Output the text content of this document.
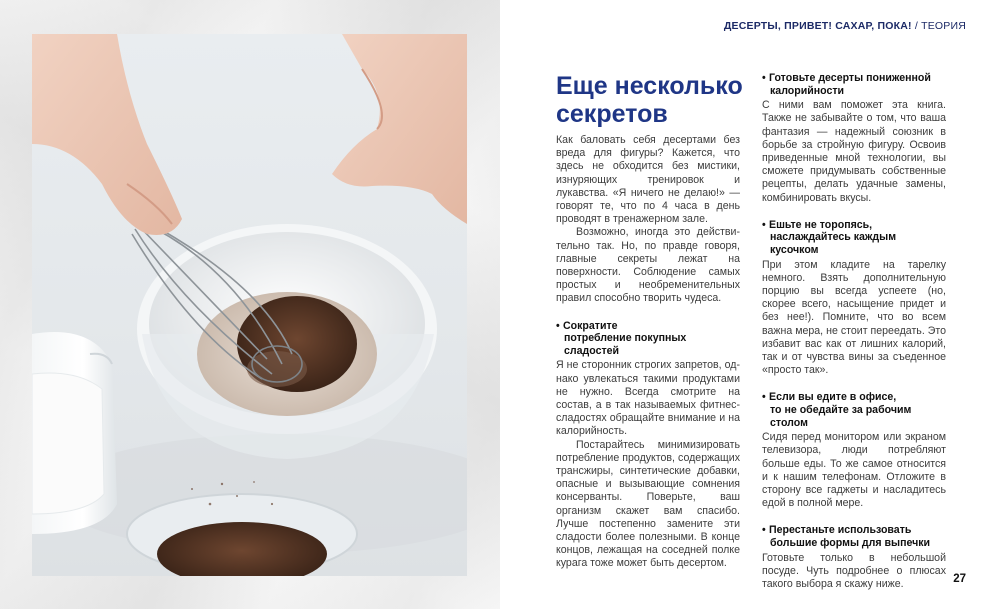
ДЕСЕРТЫ, ПРИВЕТ! САХАР, ПОКА! / ТЕОРИЯ
Еще несколько секретов

Как баловать себя десертами без вреда для фигуры? Кажется, что здесь не обходится без мистики, изнуряющих тренировок и лукавства. «Я ничего не делаю!» — говорят те, что по 4 часа в день проводят в тренажерном зале.

Возможно, иногда это действительно так. Но, по правде говоря, главные секреты лежат на поверхности. Соблюдение самых простых и необременительных правил способно творить чудеса.

• Сократите
потребление покупных сладостей

Я не сторонник строгих запретов, однако увлекаться такими продуктами не нужно. Всегда смотрите на состав, а в так называемых фитнес-сладостях обращайте внимание и на калорийность.

Постарайтесь минимизировать потребление продуктов, содержащих трансжиры, синтетические добавки, опасные и вызывающие сомнения консерванты. Поверьте, ваш организм скажет вам спасибо. Лучше постепенно замените эти сладости более полезными. В конце концов, лежащая на соседней полке курага тоже может быть десертом.

• Готовьте десерты пониженной
калорийности

С ними вам поможет эта книга. Также не забывайте о том, что ваша фантазия — надежный союзник в борьбе за стройную фигуру. Освоив приведенные мной технологии, вы сможете придумывать собственные рецепты, делать удачные замены, комбинировать вкусы.

• Ешьте не торопясь,
наслаждайтесь каждым кусочком

При этом кладите на тарелку немного. Взять дополнительную порцию вы всегда успеете (но, скорее всего, насыщение придет и без нее!). Помните, что во всем важна мера, не стоит переедать. Это избавит вас как от лишних калорий, так и от чувства вины за съеденное «просто так».

• Если вы едите в офисе,
то не обедайте за рабочим столом

Сидя перед монитором или экраном телевизора, люди потребляют больше еды. То же самое относится и к нашим телефонам. Отложите в сторону все гаджеты и насладитесь едой в полной мере.

• Перестаньте использовать
большие формы для выпечки

Готовьте только в небольшой посуде. Чуть подробнее о плюсах такого выбора я скажу ниже.	27
